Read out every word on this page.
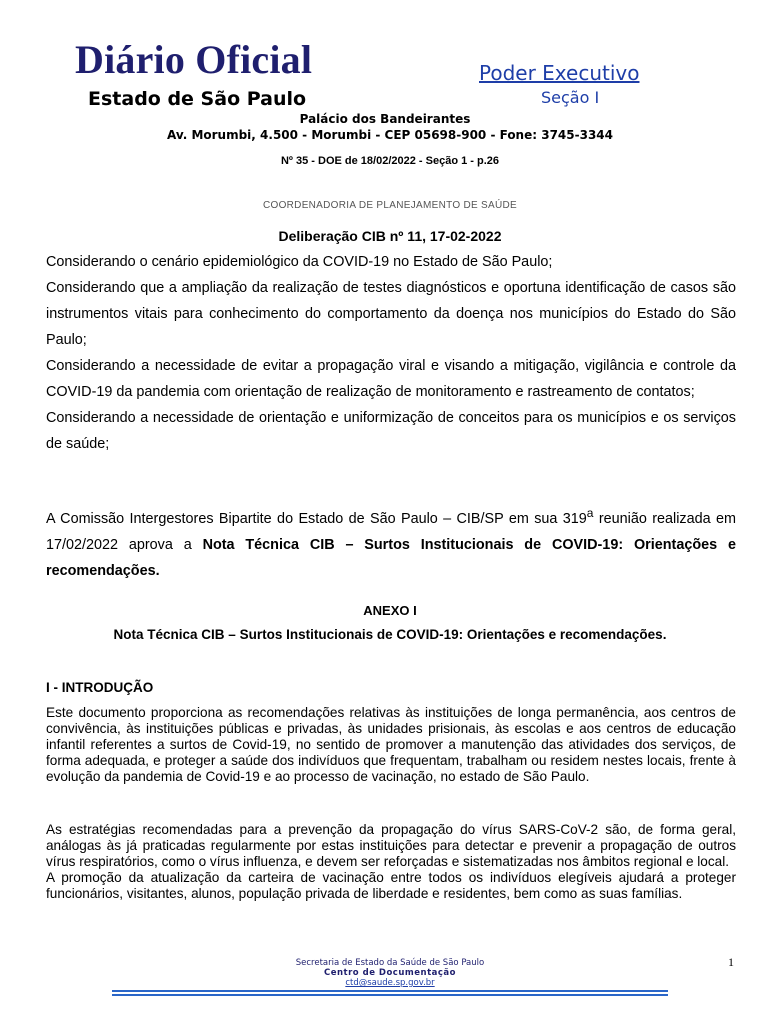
Diário Oficial
Estado de São Paulo
Poder Executivo
Seção I
Palácio dos Bandeirantes
Av. Morumbi, 4.500 - Morumbi - CEP 05698-900 - Fone: 3745-3344
Nº 35 - DOE de 18/02/2022 - Seção 1 - p.26
COORDENADORIA DE PLANEJAMENTO DE SAÚDE
Deliberação CIB nº 11, 17-02-2022

Considerando o cenário epidemiológico da COVID-19 no Estado de São Paulo;

Considerando que a ampliação da realização de testes diagnósticos e oportuna identificação de casos são instrumentos vitais para conhecimento do comportamento da doença nos municípios do Estado do São Paulo;

Considerando a necessidade de evitar a propagação viral e visando a mitigação, vigilância e controle da COVID-19 da pandemia com orientação de realização de monitoramento e rastreamento de contatos;

Considerando a necessidade de orientação e uniformização de conceitos para os municípios e os serviços de saúde;

A Comissão Intergestores Bipartite do Estado de São Paulo – CIB/SP em sua 319$^a$ reunião realizada em 17/02/2022 aprova a Nota Técnica CIB – Surtos Institucionais de COVID-19: Orientações e recomendações.

ANEXO I
Nota Técnica CIB – Surtos Institucionais de COVID-19: Orientações e recomendações.
I - INTRODUÇÃO

Este documento proporciona as recomendações relativas às instituições de longa permanência, aos centros de convivência, às instituições públicas e privadas, às unidades prisionais, às escolas e aos centros de educação infantil referentes a surtos de Covid-19, no sentido de promover a manutenção das atividades dos serviços, de forma adequada, e proteger a saúde dos indivíduos que frequentam, trabalham ou residem nestes locais, frente à evolução da pandemia de Covid-19 e ao processo de vacinação, no estado de São Paulo.

As estratégias recomendadas para a prevenção da propagação do vírus SARS-CoV-2 são, de forma geral, análogas às já praticadas regularmente por estas instituições para detectar e prevenir a propagação de outros vírus respiratórios, como o vírus influenza, e devem ser reforçadas e sistematizadas nos âmbitos regional e local.

A promoção da atualização da carteira de vacinação entre todos os indivíduos elegíveis ajudará a proteger funcionários, visitantes, alunos, população privada de liberdade e residentes, bem como as suas famílias.

1
Secretaria de Estado da Saúde de São Paulo
Centro de Documentação
ctd@saude.sp.gov.br
